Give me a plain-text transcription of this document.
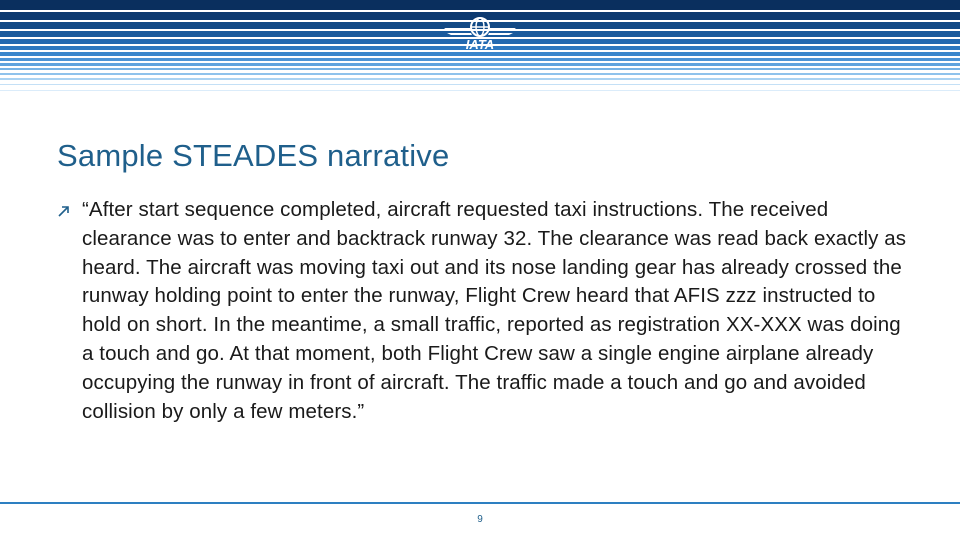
IATA
Sample STEADES narrative
“After start sequence completed, aircraft requested taxi instructions. The received clearance was to enter and backtrack runway 32. The clearance was read back exactly as heard. The aircraft was moving taxi out and its nose landing gear has already crossed the runway holding point to enter the runway, Flight Crew heard that AFIS zzz instructed to hold on short. In the meantime, a small traffic, reported as registration XX-XXX was doing a touch and go. At that moment, both Flight Crew saw a single engine airplane already occupying the runway in front of aircraft. The traffic made a touch and go and avoided collision by only a few meters.”
9
